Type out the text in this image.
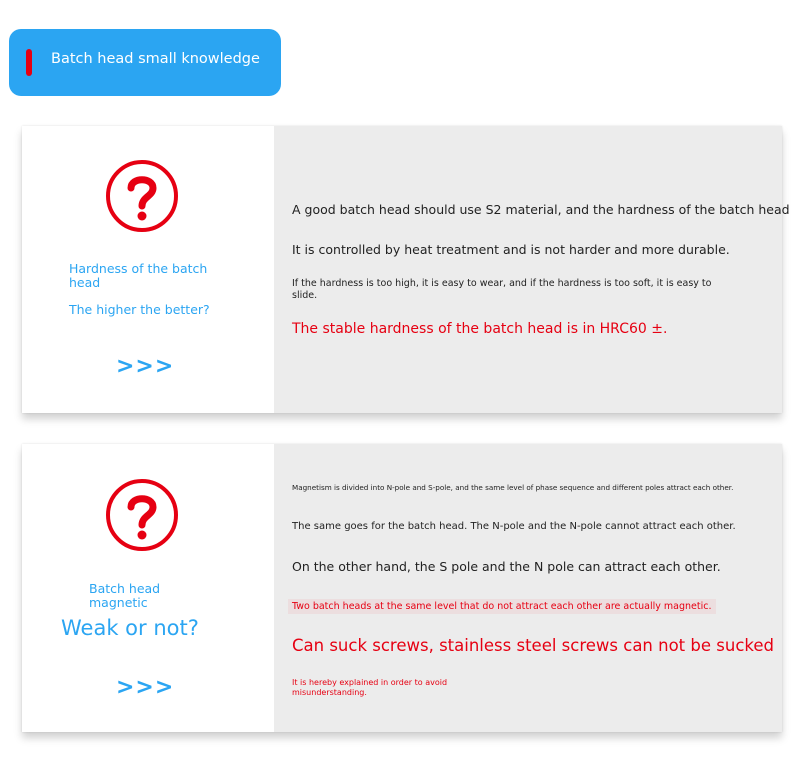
Batch head small knowledge
Hardness of the batch head
The higher the better?
>>>
A good batch head should use S2 material, and the hardness of the batch head
It is controlled by heat treatment and is not harder and more durable.
If the hardness is too high, it is easy to wear, and if the hardness is too soft, it is easy to slide.
The stable hardness of the batch head is in HRC60 ±.
Batch head magnetic
Weak or not?
>>>
Magnetism is divided into N-pole and S-pole, and the same level of phase sequence and different poles attract each other.
The same goes for the batch head. The N-pole and the N-pole cannot attract each other.
On the other hand, the S pole and the N pole can attract each other.
Two batch heads at the same level that do not attract each other are actually magnetic.
Can suck screws, stainless steel screws can not be sucked
It is hereby explained in order to avoid misunderstanding.
